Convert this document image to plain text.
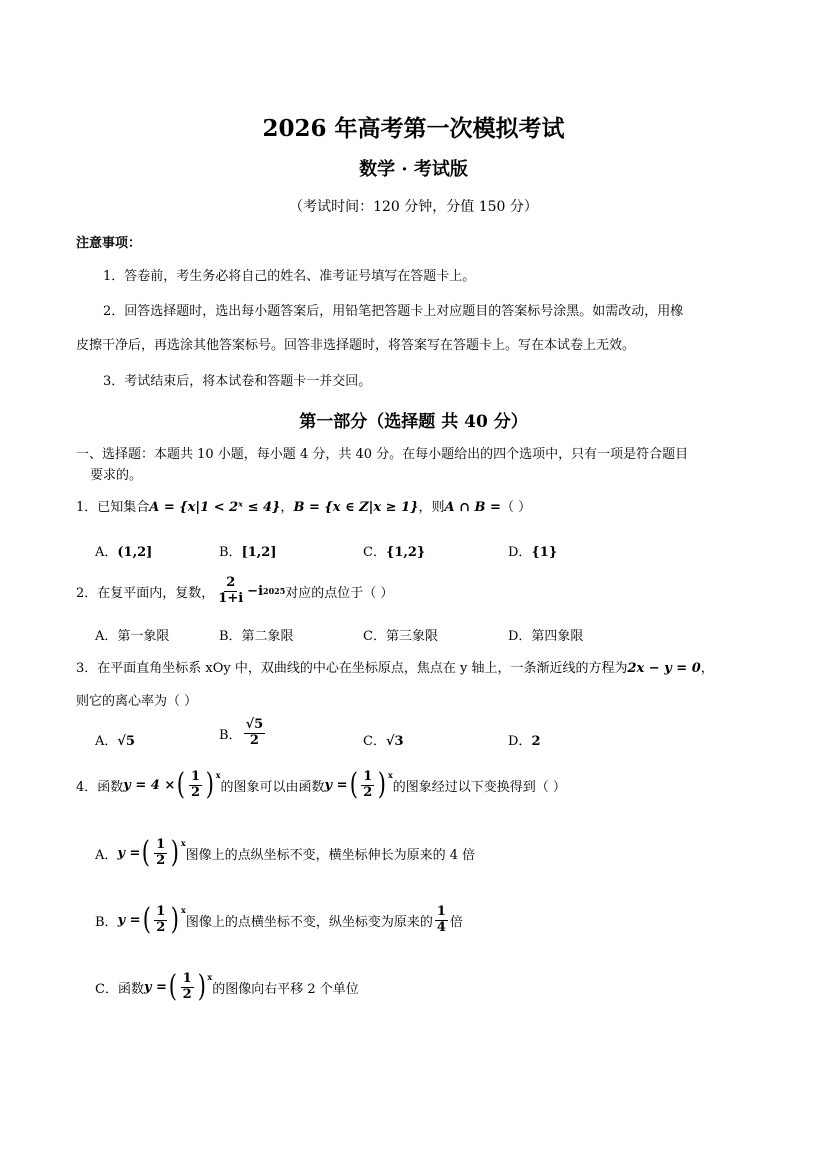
2026 年高考第一次模拟考试
数学 · 考试版
（考试时间：120 分钟，分值 150 分）
注意事项：
1．答卷前，考生务必将自己的姓名、准考证号填写在答题卡上。
2．回答选择题时，选出每小题答案后，用铅笔把答题卡上对应题目的答案标号涂黑。如需改动，用橡
皮擦干净后，再选涂其他答案标号。回答非选择题时，将答案写在答题卡上。写在本试卷上无效。
3．考试结束后，将本试卷和答题卡一并交回。
第一部分（选择题 共 40 分）
一、选择题：本题共 10 小题，每小题 4 分，共 40 分。在每小题给出的四个选项中，只有一项是符合题目
要求的。
1．已知集合A = {x|1 < 2ˣ ≤ 4}，B = {x ∈ Z|x ≥ 1}，则A ∩ B =（ ）
A．(1,2]	B．[1,2]	C．{1,2}	D．{1}
2．在复平面内，复数， $\frac{2}{1+i} -i$ 2025 对应的点位于（ ）
A．第一象限	B．第二象限	C．第三象限	D．第四象限
3．在平面直角坐标系 xOy 中，双曲线的中心在坐标原点，焦点在 y 轴上，一条渐近线的方程为2x − y = 0，
则它的离心率为（ ）
A．√5	B． $\frac{√5}{2}$	C．√3	D．2
4．函数 y = 4 × ( $\frac{1}{2} )^x$
的图象可以由函数 y = ( $\frac{1}{2} )^x$
的图象经过以下变换得到（ ）
A． y = ( $\frac{1}{2} )^x$
图像上的点纵坐标不变，横坐标伸长为原来的 4 倍
B． y = ( $\frac{1}{2} )^x$
图像上的点横坐标不变，纵坐标变为原来的 $\frac{1}{4}$ 倍
C．函数 y = ( $\frac{1}{2} )^x$
的图像向右平移 2 个单位
